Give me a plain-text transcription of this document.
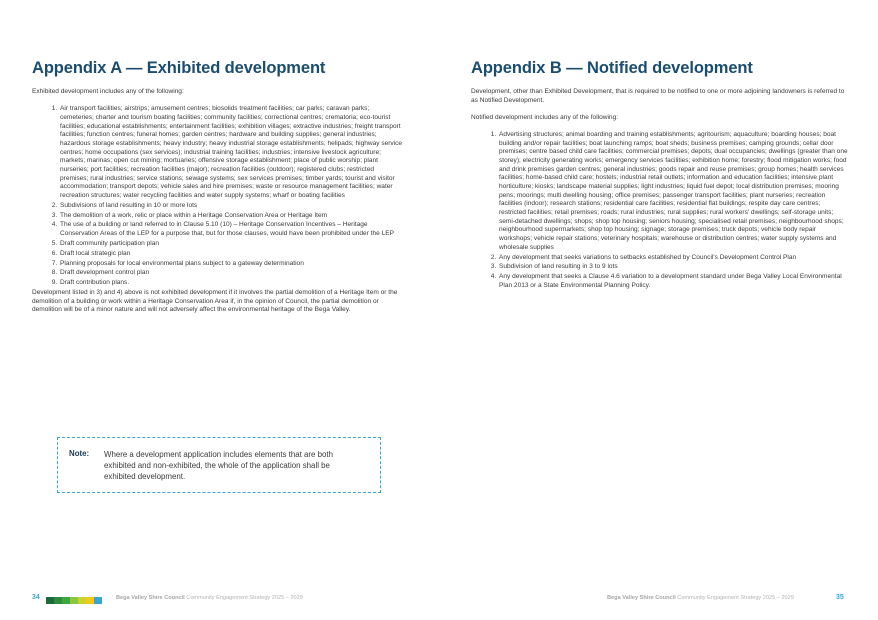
Appendix A — Exhibited development

Exhibited development includes any of the following:

1. Air transport facilities; airstrips; amusement centres; biosolids treatment facilities; car parks; caravan parks; cemeteries; charter and tourism boating facilities; community facilities; correctional centres; crematoria; eco-tourist facilities; educational establishments; entertainment facilities; exhibition villages; extractive industries; freight transport facilities; function centres; funeral homes; garden centres; hardware and building supplies; general industries; hazardous storage establishments; heavy industry; heavy industrial storage establishments; helipads; highway service centres; home occupations (sex services); industrial training facilities; industries; intensive livestock agriculture; markets; marinas; open cut mining; mortuaries; offensive storage establishment; place of public worship; plant nurseries; port facilities; recreation facilities (major); recreation facilities (outdoor); registered clubs; restricted premises; rural industries; service stations; sewage systems; sex services premises; timber yards; tourist and visitor accommodation; transport depots; vehicle sales and hire premises; waste or resource management facilities; water recreation structures; water recycling facilities and water supply systems; wharf or boating facilities
2. Subdivisions of land resulting in 10 or more lots
3. The demolition of a work, relic or place within a Heritage Conservation Area or Heritage Item
4. The use of a building or land referred to in Clause 5.10 (10) – Heritage Conservation Incentives – Heritage Conservation Areas of the LEP for a purpose that, but for those clauses, would have been prohibited under the LEP
5. Draft community participation plan
6. Draft local strategic plan
7. Planning proposals for local environmental plans subject to a gateway determination
8. Draft development control plan
9. Draft contribution plans.

Development listed in 3) and 4) above is not exhibited development if it involves the partial demolition of a Heritage Item or the demolition of a building or work within a Heritage Conservation Area if, in the opinion of Council, the partial demolition or demolition will be of a minor nature and will not adversely affect the environmental heritage of the Bega Valley.

Note: Where a development application includes elements that are both exhibited and non-exhibited, the whole of the application shall be exhibited development.
34	Bega Valley Shire Council Community Engagement Strategy 2025 – 2029
Appendix B — Notified development

Development, other than Exhibited Development, that is required to be notified to one or more adjoining landowners is referred to as Notified Development.

Notified development includes any of the following:

1. Advertising structures; animal boarding and training establishments; agritourism; aquaculture; boarding houses; boat building and/or repair facilities; boat launching ramps; boat sheds; business premises; camping grounds; cellar door premises; centre based child care facilities; commercial premises; depots; dual occupancies; dwellings (greater than one storey); electricity generating works; emergency services facilities; exhibition home; forestry; flood mitigation works; food and drink premises garden centres; general industries; goods repair and reuse premises; group homes; health services facilities; home-based child care; hostels; industrial retail outlets; information and education facilities; intensive plant horticulture; kiosks; landscape material supplies; light industries; liquid fuel depot; local distribution premises; mooring pens; moorings; multi dwelling housing; office premises; passenger transport facilities; plant nurseries; recreation facilities (indoor); research stations; residential care facilities; residential flat buildings; respite day care centres; restricted facilities; retail premises; roads; rural industries; rural supplies; rural workers' dwellings; self-storage units; semi-detached dwellings; shops; shop top housing; seniors housing; specialised retail premises; neighbourhood shops; neighbourhood supermarkets; shop top housing; signage; storage premises; truck depots; vehicle body repair workshops; vehicle repair stations; veterinary hospitals; warehouse or distribution centres; water supply systems and wholesale supplies
2. Any development that seeks variations to setbacks established by Council's Development Control Plan
3. Subdivision of land resulting in 3 to 9 lots
4. Any development that seeks a Clause 4.6 variation to a development standard under Bega Valley Local Environmental Plan 2013 or a State Environmental Planning Policy.
Bega Valley Shire Council Community Engagement Strategy 2025 – 2029	35
